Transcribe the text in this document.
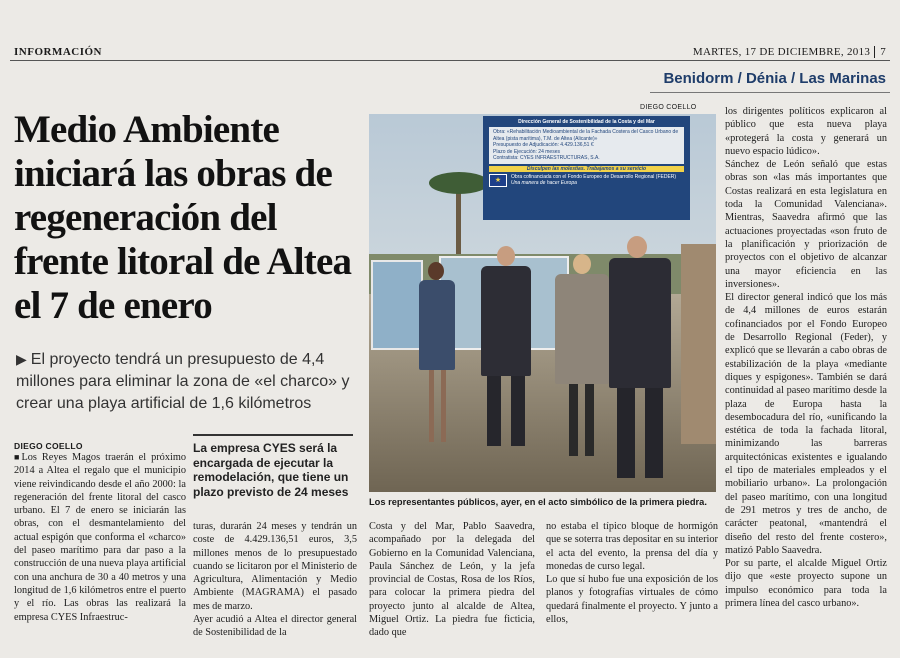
INFORMACIÓN	MARTES, 17 DE DICIEMBRE, 2013 7
Benidorm / Dénia / Las Marinas
Medio Ambiente iniciará las obras de regeneración del frente litoral de Altea el 7 de enero
▶ El proyecto tendrá un presupuesto de 4,4 millones para eliminar la zona de «el charco» y crear una playa artificial de 1,6 kilómetros
DIEGO COELLO

■ Los Reyes Magos traerán el próximo 2014 a Altea el regalo que el municipio viene reivindicando desde el año 2000: la regeneración del frente litoral del casco urbano. El 7 de enero se iniciarán las obras, con el desmantelamiento del actual espigón que conforma el «charco» del paseo marítimo para dar paso a la construcción de una nueva playa artificial con una anchura de 30 a 40 metros y una longitud de 1,6 kilómetros entre el puerto y el río. Las obras las realizará la empresa CYES Infraestruc-

La empresa CYES será la encargada de ejecutar la remodelación, que tiene un plazo previsto de 24 meses
turas, durarán 24 meses y tendrán un coste de 4.429.136,51 euros, 3,5 millones menos de lo presupuestado cuando se licitaron por el Ministerio de Agricultura, Alimentación y Medio Ambiente (MAGRAMA) el pasado mes de marzo.
Ayer acudió a Altea el director general de Sostenibilidad de la
Costa y del Mar, Pablo Saavedra, acompañado por la delegada del Gobierno en la Comunidad Valenciana, Paula Sánchez de León, y la jefa provincial de Costas, Rosa de los Ríos, para colocar la primera piedra del proyecto junto al alcalde de Altea, Miguel Ortiz. La piedra fue ficticia, dado que
no estaba el típico bloque de hormigón que se soterra tras depositar en su interior el acta del evento, la prensa del día y monedas de curso legal.
Lo que sí hubo fue una exposición de los planos y fotografías virtuales de cómo quedará finalmente el proyecto. Y junto a ellos,
los dirigentes políticos explicaron al público que esta nueva playa «protegerá la costa y generará un nuevo espacio lúdico».
Sánchez de León señaló que estas obras son «las más importantes que Costas realizará en esta legislatura en toda la Comunidad Valenciana». Mientras, Saavedra afirmó que las actuaciones proyectadas «son fruto de la planificación y priorización de proyectos con el objetivo de alcanzar una mayor eficiencia en las inversiones».
El director general indicó que los más de 4,4 millones de euros estarán cofinanciados por el Fondo Europeo de Desarrollo Regional (Feder), y explicó que se llevarán a cabo obras de estabilización de la playa «mediante diques y espigones». También se dará continuidad al paseo marítimo desde la plaza de Europa hasta la desembocadura del río, «unificando la estética de toda la fachada litoral, minimizando las barreras arquitectónicas existentes e igualando el tipo de materiales empleados y el mobiliario urbano». La prolongación del paseo marítimo, con una longitud de 291 metros y tres de ancho, de carácter peatonal, «mantendrá el diseño del resto del frente costero», matizó Pablo Saavedra.
Por su parte, el alcalde Miguel Ortiz dijo que «este proyecto supone un impulso económico para toda la primera línea del casco urbano».
DIEGO COELLO
Dirección General de Sostenibilidad de la Costa y del Mar
Obra: «Rehabilitación Medioambiental de la Fachada Costera del Casco Urbano de Altea (pista marítima), T.M. de Altea (Alicante)»
Presupuesto de Adjudicación: 4.429.136,51 €
Plazo de Ejecución: 24 meses
Contratista: CYES INFRAESTRUCTURAS, S.A.
Disculpen las molestias. Trabajamos a su servicio
★	Obra cofinanciada con el Fondo Europeo de Desarrollo Regional (FEDER)
Una manera de hacer Europa
Los representantes públicos, ayer, en el acto simbólico de la primera piedra.
